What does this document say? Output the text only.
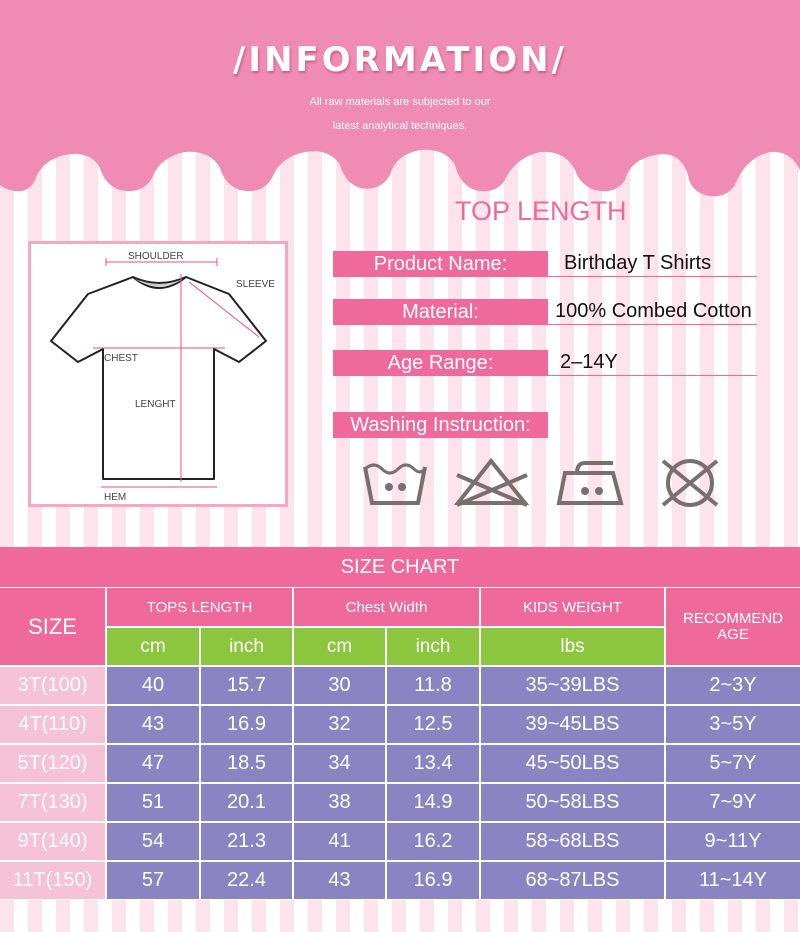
/INFORMATION/
All raw materials are subjected to our
latest analytical techniques.
TOP LENGTH
SHOULDER
SLEEVE
CHEST
LENGHT
HEM
Product Name:	Birthday T Shirts
Material:	100% Combed Cotton
Age Range:	2–14Y
Washing Instruction:
SIZE CHART
SIZE
TOPS LENGTH	Chest Width	KIDS WEIGHT
RECOMMEND AGE
cm	inch	cm	inch	lbs
3T(100)	40	15.7	30	11.8	35~39LBS	2~3Y
4T(110)	43	16.9	32	12.5	39~45LBS	3~5Y
5T(120)	47	18.5	34	13.4	45~50LBS	5~7Y
7T(130)	51	20.1	38	14.9	50~58LBS	7~9Y
9T(140)	54	21.3	41	16.2	58~68LBS	9~11Y
11T(150)	57	22.4	43	16.9	68~87LBS	11~14Y
